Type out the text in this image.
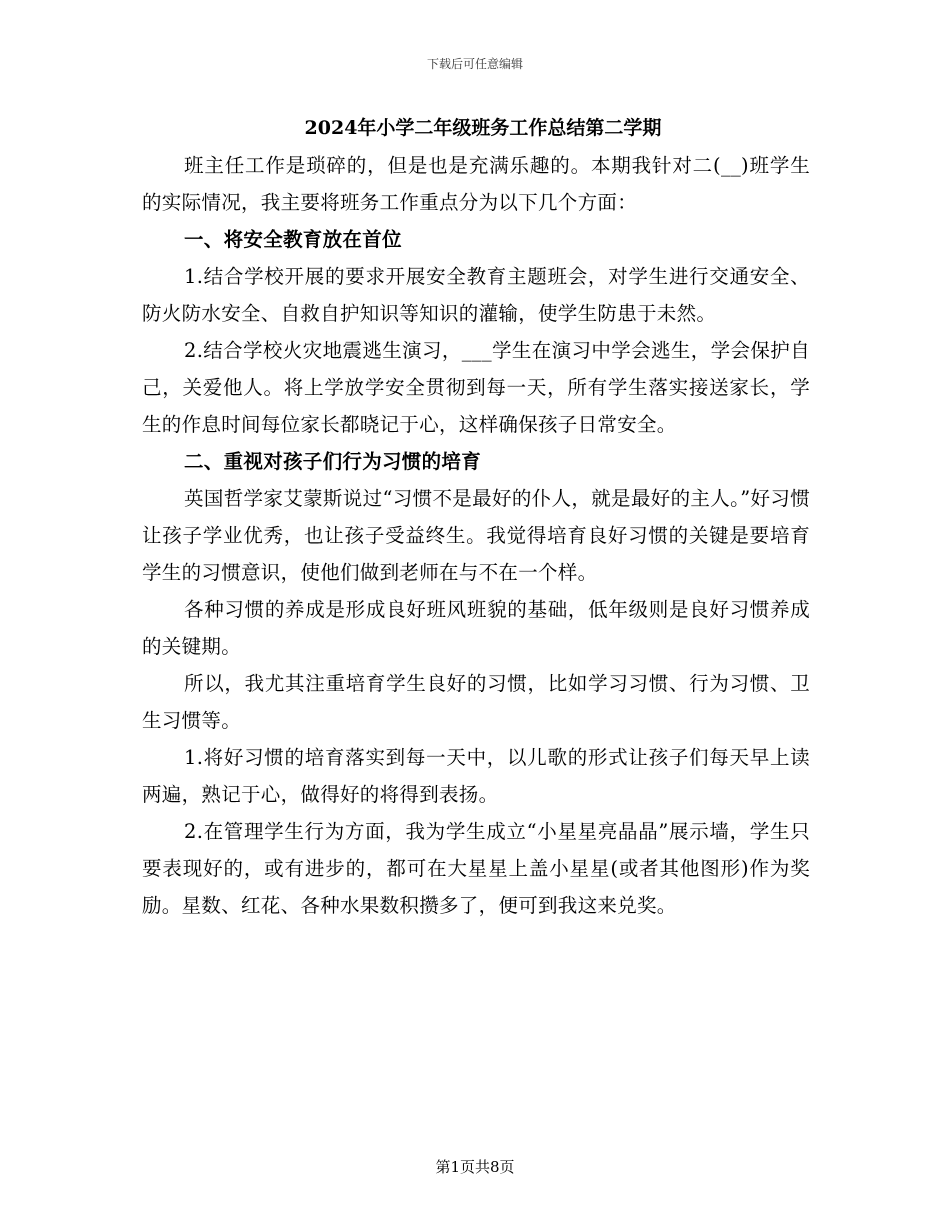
下载后可任意编辑
2024年小学二年级班务工作总结第二学期

班主任工作是琐碎的，但是也是充满乐趣的。本期我针对二(__)班学生的实际情况，我主要将班务工作重点分为以下几个方面：

一、将安全教育放在首位

1.结合学校开展的要求开展安全教育主题班会，对学生进行交通安全、防火防水安全、自救自护知识等知识的灌输，使学生防患于未然。

2.结合学校火灾地震逃生演习，___学生在演习中学会逃生，学会保护自己，关爱他人。将上学放学安全贯彻到每一天，所有学生落实接送家长，学生的作息时间每位家长都晓记于心，这样确保孩子日常安全。

二、重视对孩子们行为习惯的培育

英国哲学家艾蒙斯说过“习惯不是最好的仆人，就是最好的主人。”好习惯让孩子学业优秀，也让孩子受益终生。我觉得培育良好习惯的关键是要培育学生的习惯意识，使他们做到老师在与不在一个样。

各种习惯的养成是形成良好班风班貌的基础，低年级则是良好习惯养成的关键期。

所以，我尤其注重培育学生良好的习惯，比如学习习惯、行为习惯、卫生习惯等。

1.将好习惯的培育落实到每一天中，以儿歌的形式让孩子们每天早上读两遍，熟记于心，做得好的将得到表扬。

2.在管理学生行为方面，我为学生成立“小星星亮晶晶”展示墙，学生只要表现好的，或有进步的，都可在大星星上盖小星星(或者其他图形)作为奖励。星数、红花、各种水果数积攒多了，便可到我这来兑奖。

第1页共8页
